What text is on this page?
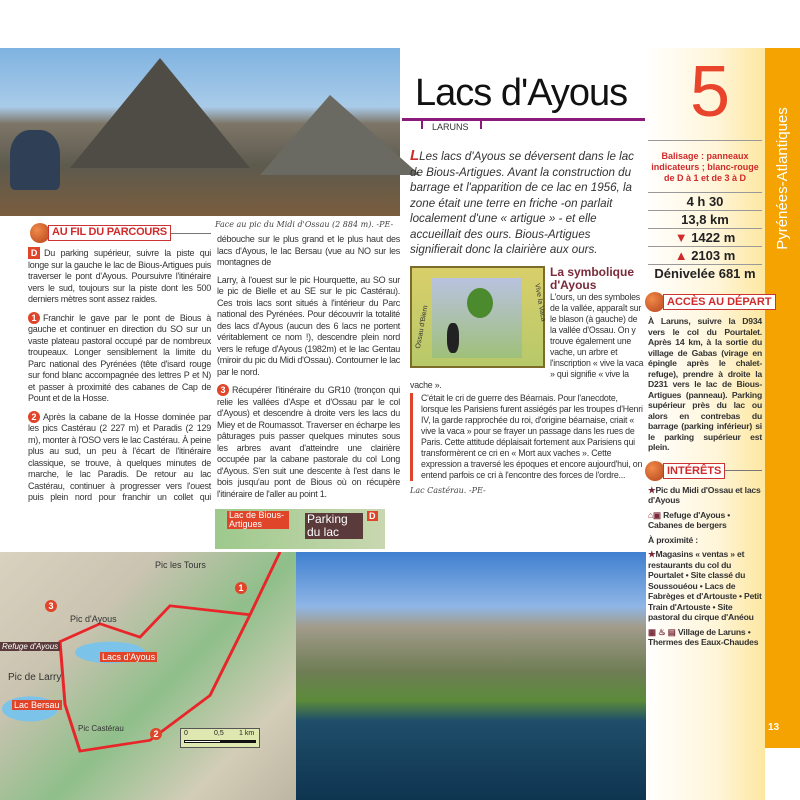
Face au pic du Midi d'Ossau (2 884 m). -PE-
Lacs d'Ayous
LARUNS	Pyrénées-Atlantiques
13
5
Balisage : panneaux indicateurs ; blanc-rouge de D à 1 et de 3 à D
4 h 30
13,8 km
▼ 1422 m
▲ 2103 m
Dénivelée 681 m
ACCÈS AU DÉPART
À Laruns, suivre la D934 vers le col du Pourtalet. Après 14 km, à la sortie du village de Gabas (virage en épingle après le chalet-refuge), prendre à droite la D231 vers le lac de Bious-Artigues (panneau). Parking supérieur près du lac ou alors en contrebas du barrage (parking inférieur) si le parking supérieur est plein.
INTÉRÊTS

★Pic du Midi d'Ossau et lacs d'Ayous

⌂▣ Refuge d'Ayous • Cabanes de bergers

À proximité :

★Magasins « ventas » et restaurants du col du Pourtalet • Site classé du Soussouéou • Lacs de Fabrèges et d'Artouste • Petit Train d'Artouste • Site pastoral du cirque d'Anéou

▦ ♨ ▤ Village de Laruns • Thermes des Eaux-Chaudes

LLes lacs d'Ayous se déversent dans le lac de Bious-Artigues. Avant la construction du barrage et l'apparition de ce lac en 1956, la zone était une terre en friche -on parlait localement d'une « artigue » - et elle accueillait des ours. Bious-Artigues signifierait donc la clairière aux ours.
Ossau d'Biern
Vive la Vaca
La symbolique d'Ayous
L'ours, un des symboles de la vallée, apparaît sur le blason (à gauche) de la vallée d'Ossau. On y trouve également une vache, un arbre et l'inscription « vive la vaca » qui signifie « vive la vache ».
C'était le cri de guerre des Béarnais. Pour l'anecdote, lorsque les Parisiens furent assiégés par les troupes d'Henri IV, la garde rapprochée du roi, d'origine béarnaise, criait « vive la vaca » pour se frayer un passage dans les rues de Paris. Cette attitude déplaisait fortement aux Parisiens qui transformèrent ce cri en « Mort aux vaches ». Cette expression a traversé les époques et encore aujourd'hui, on entend parfois ce cri à l'encontre des forces de l'ordre...
Lac Castérau. -PE-
AU FIL DU PARCOURS

D Du parking supérieur, suivre la piste qui longe sur la gauche le lac de Bious-Artigues puis traverser le pont d'Ayous. Poursuivre l'itinéraire vers le sud, toujours sur la piste dont les 500 derniers mètres sont assez raides.

1 Franchir le gave par le pont de Bious à gauche et continuer en direction du SO sur un vaste plateau pastoral occupé par de nombreux troupeaux. Longer sensiblement la limite du Parc national des Pyrénées (tête d'isard rouge sur fond blanc accompagnée des lettres P et N) et passer à proximité des cabanes de Cap de Pount et de la Hosse.

2 Après la cabane de la Hosse dominée par les pics Castérau (2 227 m) et Paradis (2 129 m), monter à l'OSO vers le lac Castérau. À peine plus au sud, un peu à l'écart de l'itinéraire classique, se trouve, à quelques minutes de marche, le lac Paradis. De retour au lac Castérau, continuer à progresser vers l'ouest puis plein nord pour franchir un collet qui débouche sur le plus grand et le plus haut des lacs d'Ayous, le lac Bersau (vue au NO sur les montagnes de

Larry, à l'ouest sur le pic Hourquette, au SO sur le pic de Bielle et au SE sur le pic Castérau). Ces trois lacs sont situés à l'intérieur du Parc national des Pyrénées. Pour découvrir la totalité des lacs d'Ayous (aucun des 6 lacs ne portent véritablement ce nom !), descendre plein nord vers le refuge d'Ayous (1982m) et le lac Gentau (miroir du pic du Midi d'Ossau). Contourner le lac par le nord.

3 Récupérer l'itinéraire du GR10 (tronçon qui relie les vallées d'Aspe et d'Ossau par le col d'Ayous) et descendre à droite vers les lacs du Miey et de Roumassot. Traverser en écharpe les pâturages puis passer quelques minutes sous les arbres avant d'atteindre une clairière occupée par la cabane pastorale du col Long d'Ayous. S'en suit une descente à l'est dans le bois jusqu'au pont de Bious où on récupère l'itinéraire de l'aller au point 1.

Lac de Bious-Artigues	Parking du lac
D
1
2
3
Pic les Tours
Pic d'Ayous
Refuge d'Ayous
Lacs d'Ayous
Pic de Larry
Lac Bersau
Pic Castérau
0	0,5 1 km
